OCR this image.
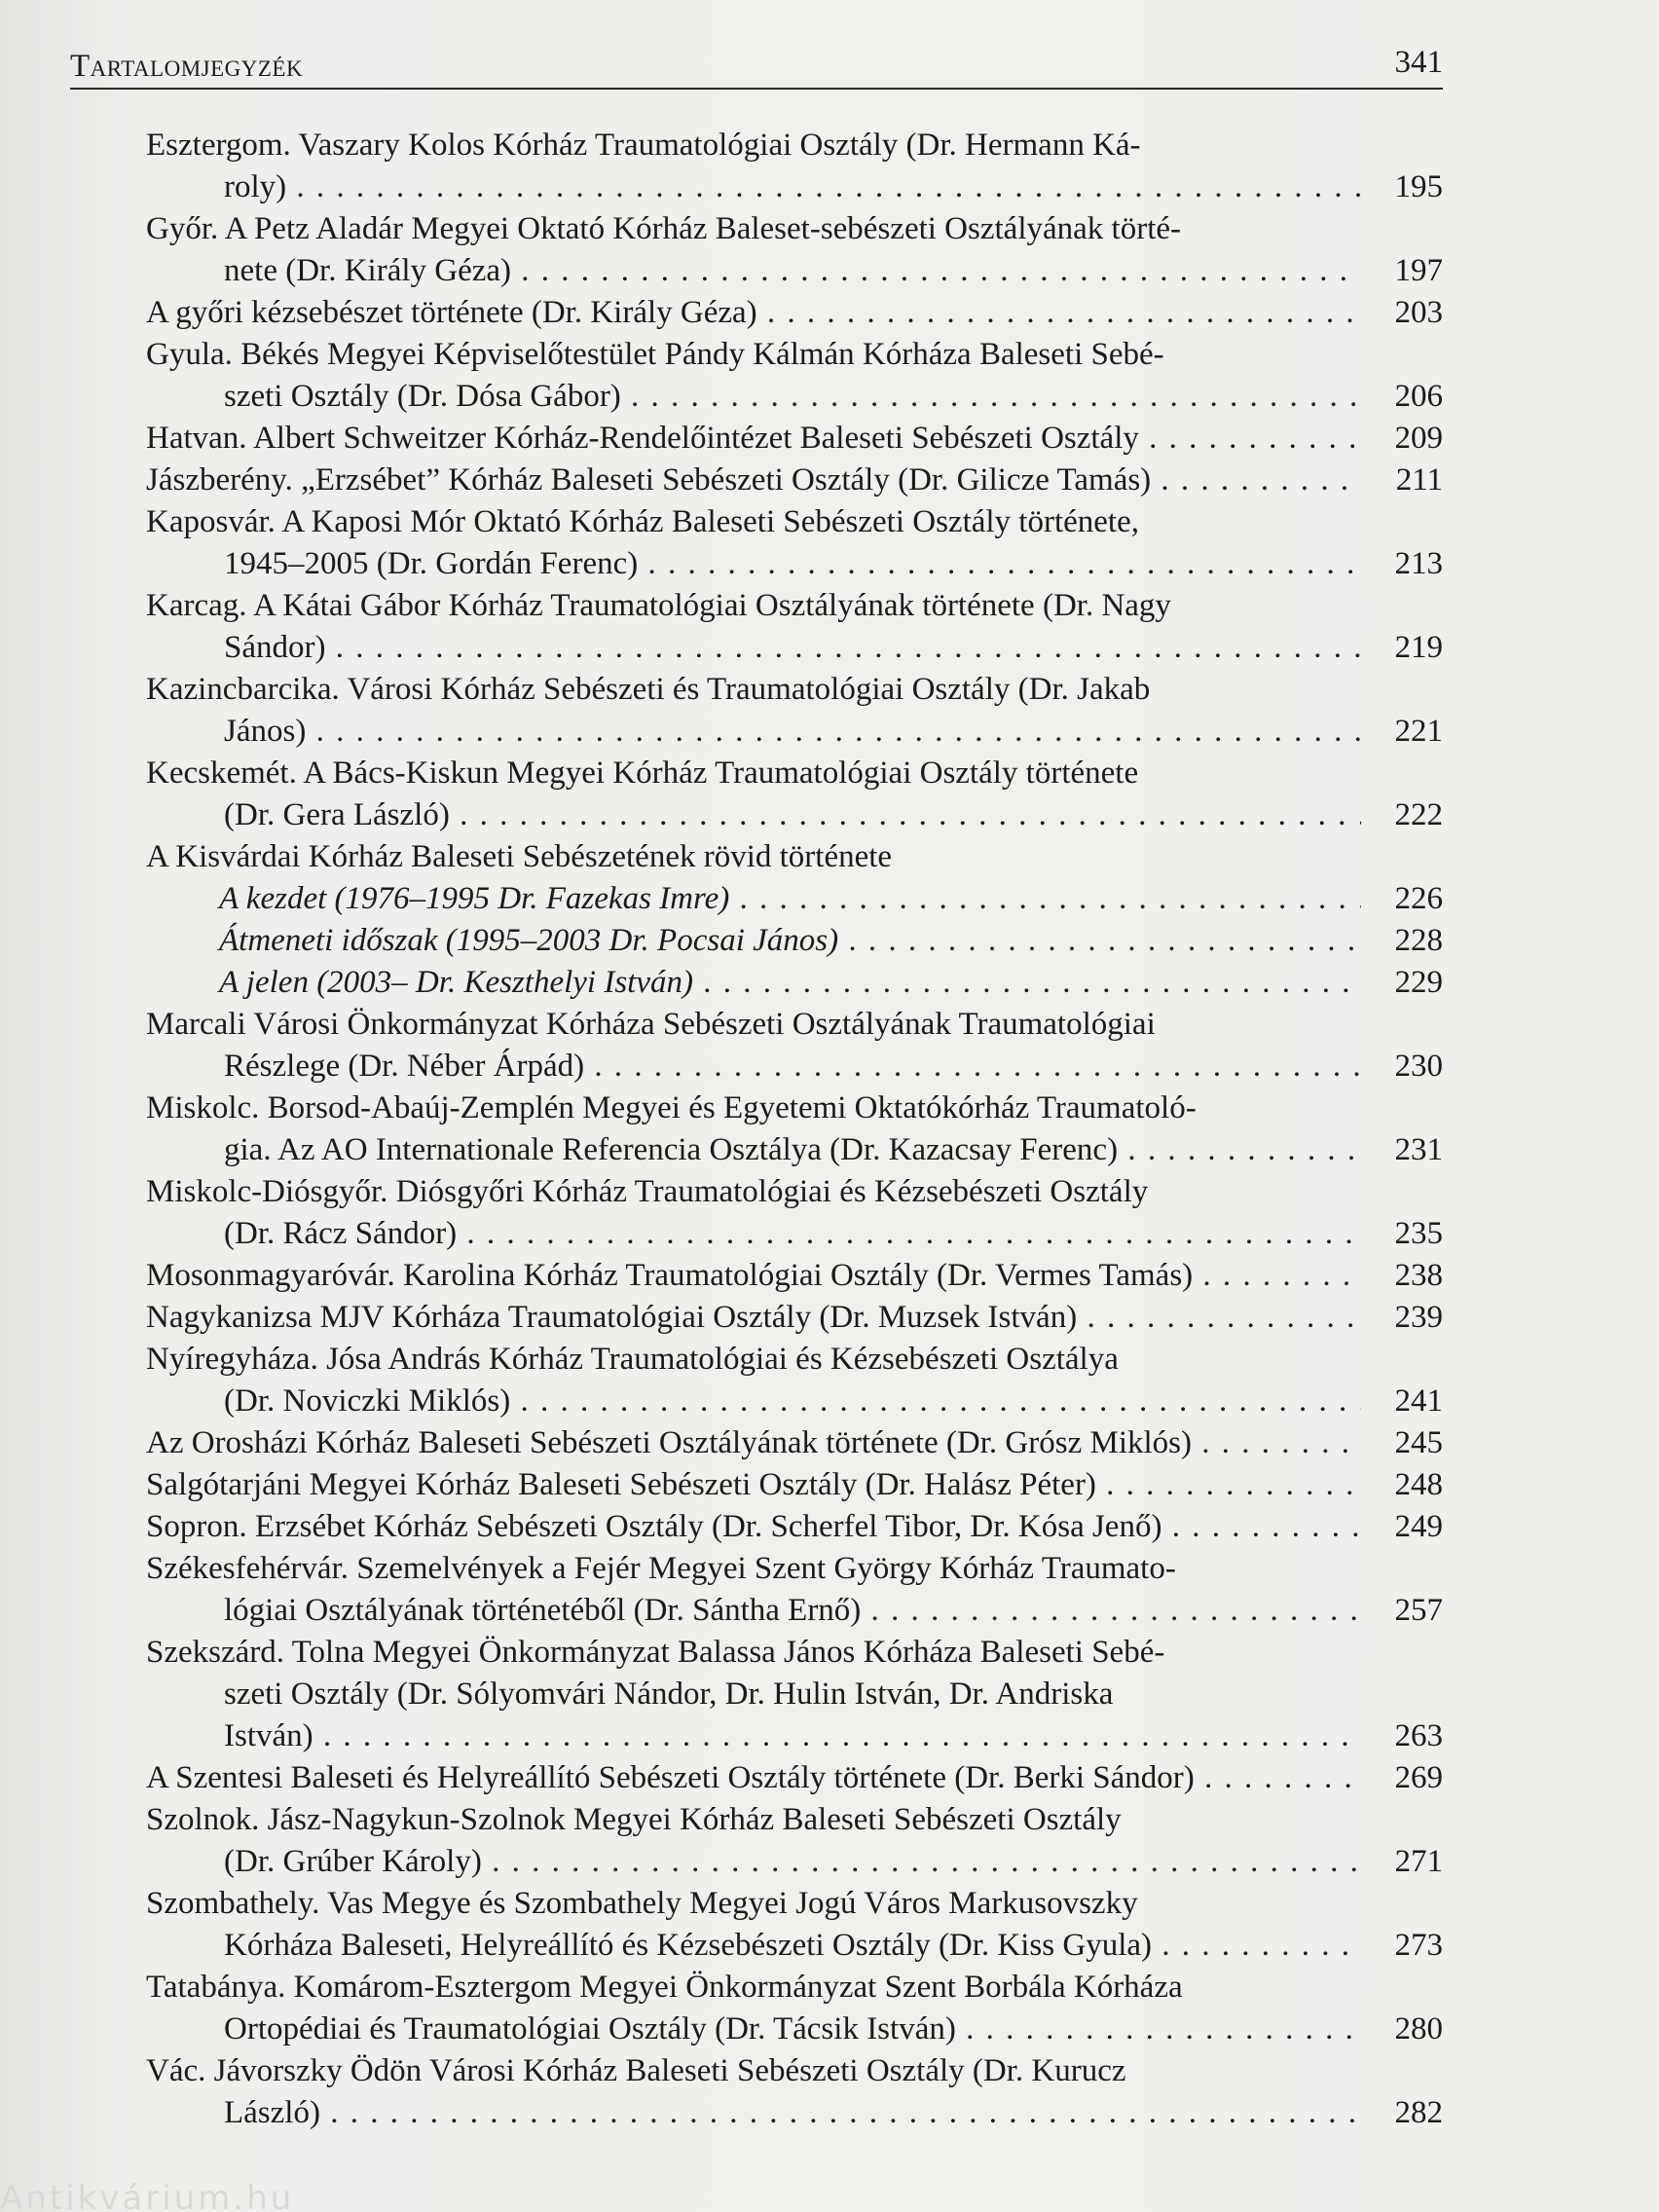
Tartalomjegyzék	341
Esztergom. Vaszary Kolos Kórház Traumatológiai Osztály (Dr. Hermann Ká-
roly) . . .	195
Győr. A Petz Aladár Megyei Oktató Kórház Baleset-sebészeti Osztályának törté-
nete (Dr. Király Géza) . . .	197
A győri kézsebészet története (Dr. Király Géza) . . .	203
Gyula. Békés Megyei Képviselőtestület Pándy Kálmán Kórháza Baleseti Sebé-
szeti Osztály (Dr. Dósa Gábor) . . .	206
Hatvan. Albert Schweitzer Kórház-Rendelőintézet Baleseti Sebészeti Osztály . . .	209
Jászberény. „Erzsébet” Kórház Baleseti Sebészeti Osztály (Dr. Gilicze Tamás) . . .	211
Kaposvár. A Kaposi Mór Oktató Kórház Baleseti Sebészeti Osztály története,
1945–2005 (Dr. Gordán Ferenc) . . .	213
Karcag. A Kátai Gábor Kórház Traumatológiai Osztályának története (Dr. Nagy
Sándor) . . .	219
Kazincbarcika. Városi Kórház Sebészeti és Traumatológiai Osztály (Dr. Jakab
János) . . .	221
Kecskemét. A Bács-Kiskun Megyei Kórház Traumatológiai Osztály története
(Dr. Gera László) . . .	222
A Kisvárdai Kórház Baleseti Sebészetének rövid története
A kezdet (1976–1995 Dr. Fazekas Imre) . . .	226
Átmeneti időszak (1995–2003 Dr. Pocsai János) . . .	228
A jelen (2003– Dr. Keszthelyi István) . . .	229
Marcali Városi Önkormányzat Kórháza Sebészeti Osztályának Traumatológiai
Részlege (Dr. Néber Árpád) . . .	230
Miskolc. Borsod-Abaúj-Zemplén Megyei és Egyetemi Oktatókórház Traumatoló-
gia. Az AO Internationale Referencia Osztálya (Dr. Kazacsay Ferenc) . . .	231
Miskolc-Diósgyőr. Diósgyőri Kórház Traumatológiai és Kézsebészeti Osztály
(Dr. Rácz Sándor) . . .	235
Mosonmagyaróvár. Karolina Kórház Traumatológiai Osztály (Dr. Vermes Tamás) . . .	238
Nagykanizsa MJV Kórháza Traumatológiai Osztály (Dr. Muzsek István) . . .	239
Nyíregyháza. Jósa András Kórház Traumatológiai és Kézsebészeti Osztálya
(Dr. Noviczki Miklós) . . .	241
Az Orosházi Kórház Baleseti Sebészeti Osztályának története (Dr. Grósz Miklós) . . .	245
Salgótarjáni Megyei Kórház Baleseti Sebészeti Osztály (Dr. Halász Péter) . . .	248
Sopron. Erzsébet Kórház Sebészeti Osztály (Dr. Scherfel Tibor, Dr. Kósa Jenő) . . .	249
Székesfehérvár. Szemelvények a Fejér Megyei Szent György Kórház Traumato-
lógiai Osztályának történetéből (Dr. Sántha Ernő) . . .	257
Szekszárd. Tolna Megyei Önkormányzat Balassa János Kórháza Baleseti Sebé-
szeti Osztály (Dr. Sólyomvári Nándor, Dr. Hulin István, Dr. Andriska
István) . . .	263
A Szentesi Baleseti és Helyreállító Sebészeti Osztály története (Dr. Berki Sándor) . . .	269
Szolnok. Jász-Nagykun-Szolnok Megyei Kórház Baleseti Sebészeti Osztály
(Dr. Grúber Károly) . . .	271
Szombathely. Vas Megye és Szombathely Megyei Jogú Város Markusovszky
Kórháza Baleseti, Helyreállító és Kézsebészeti Osztály (Dr. Kiss Gyula) . . .	273
Tatabánya. Komárom-Esztergom Megyei Önkormányzat Szent Borbála Kórháza
Ortopédiai és Traumatológiai Osztály (Dr. Tácsik István) . . .	280
Vác. Jávorszky Ödön Városi Kórház Baleseti Sebészeti Osztály (Dr. Kurucz
László) . . .	282
Antikvárium.hu
